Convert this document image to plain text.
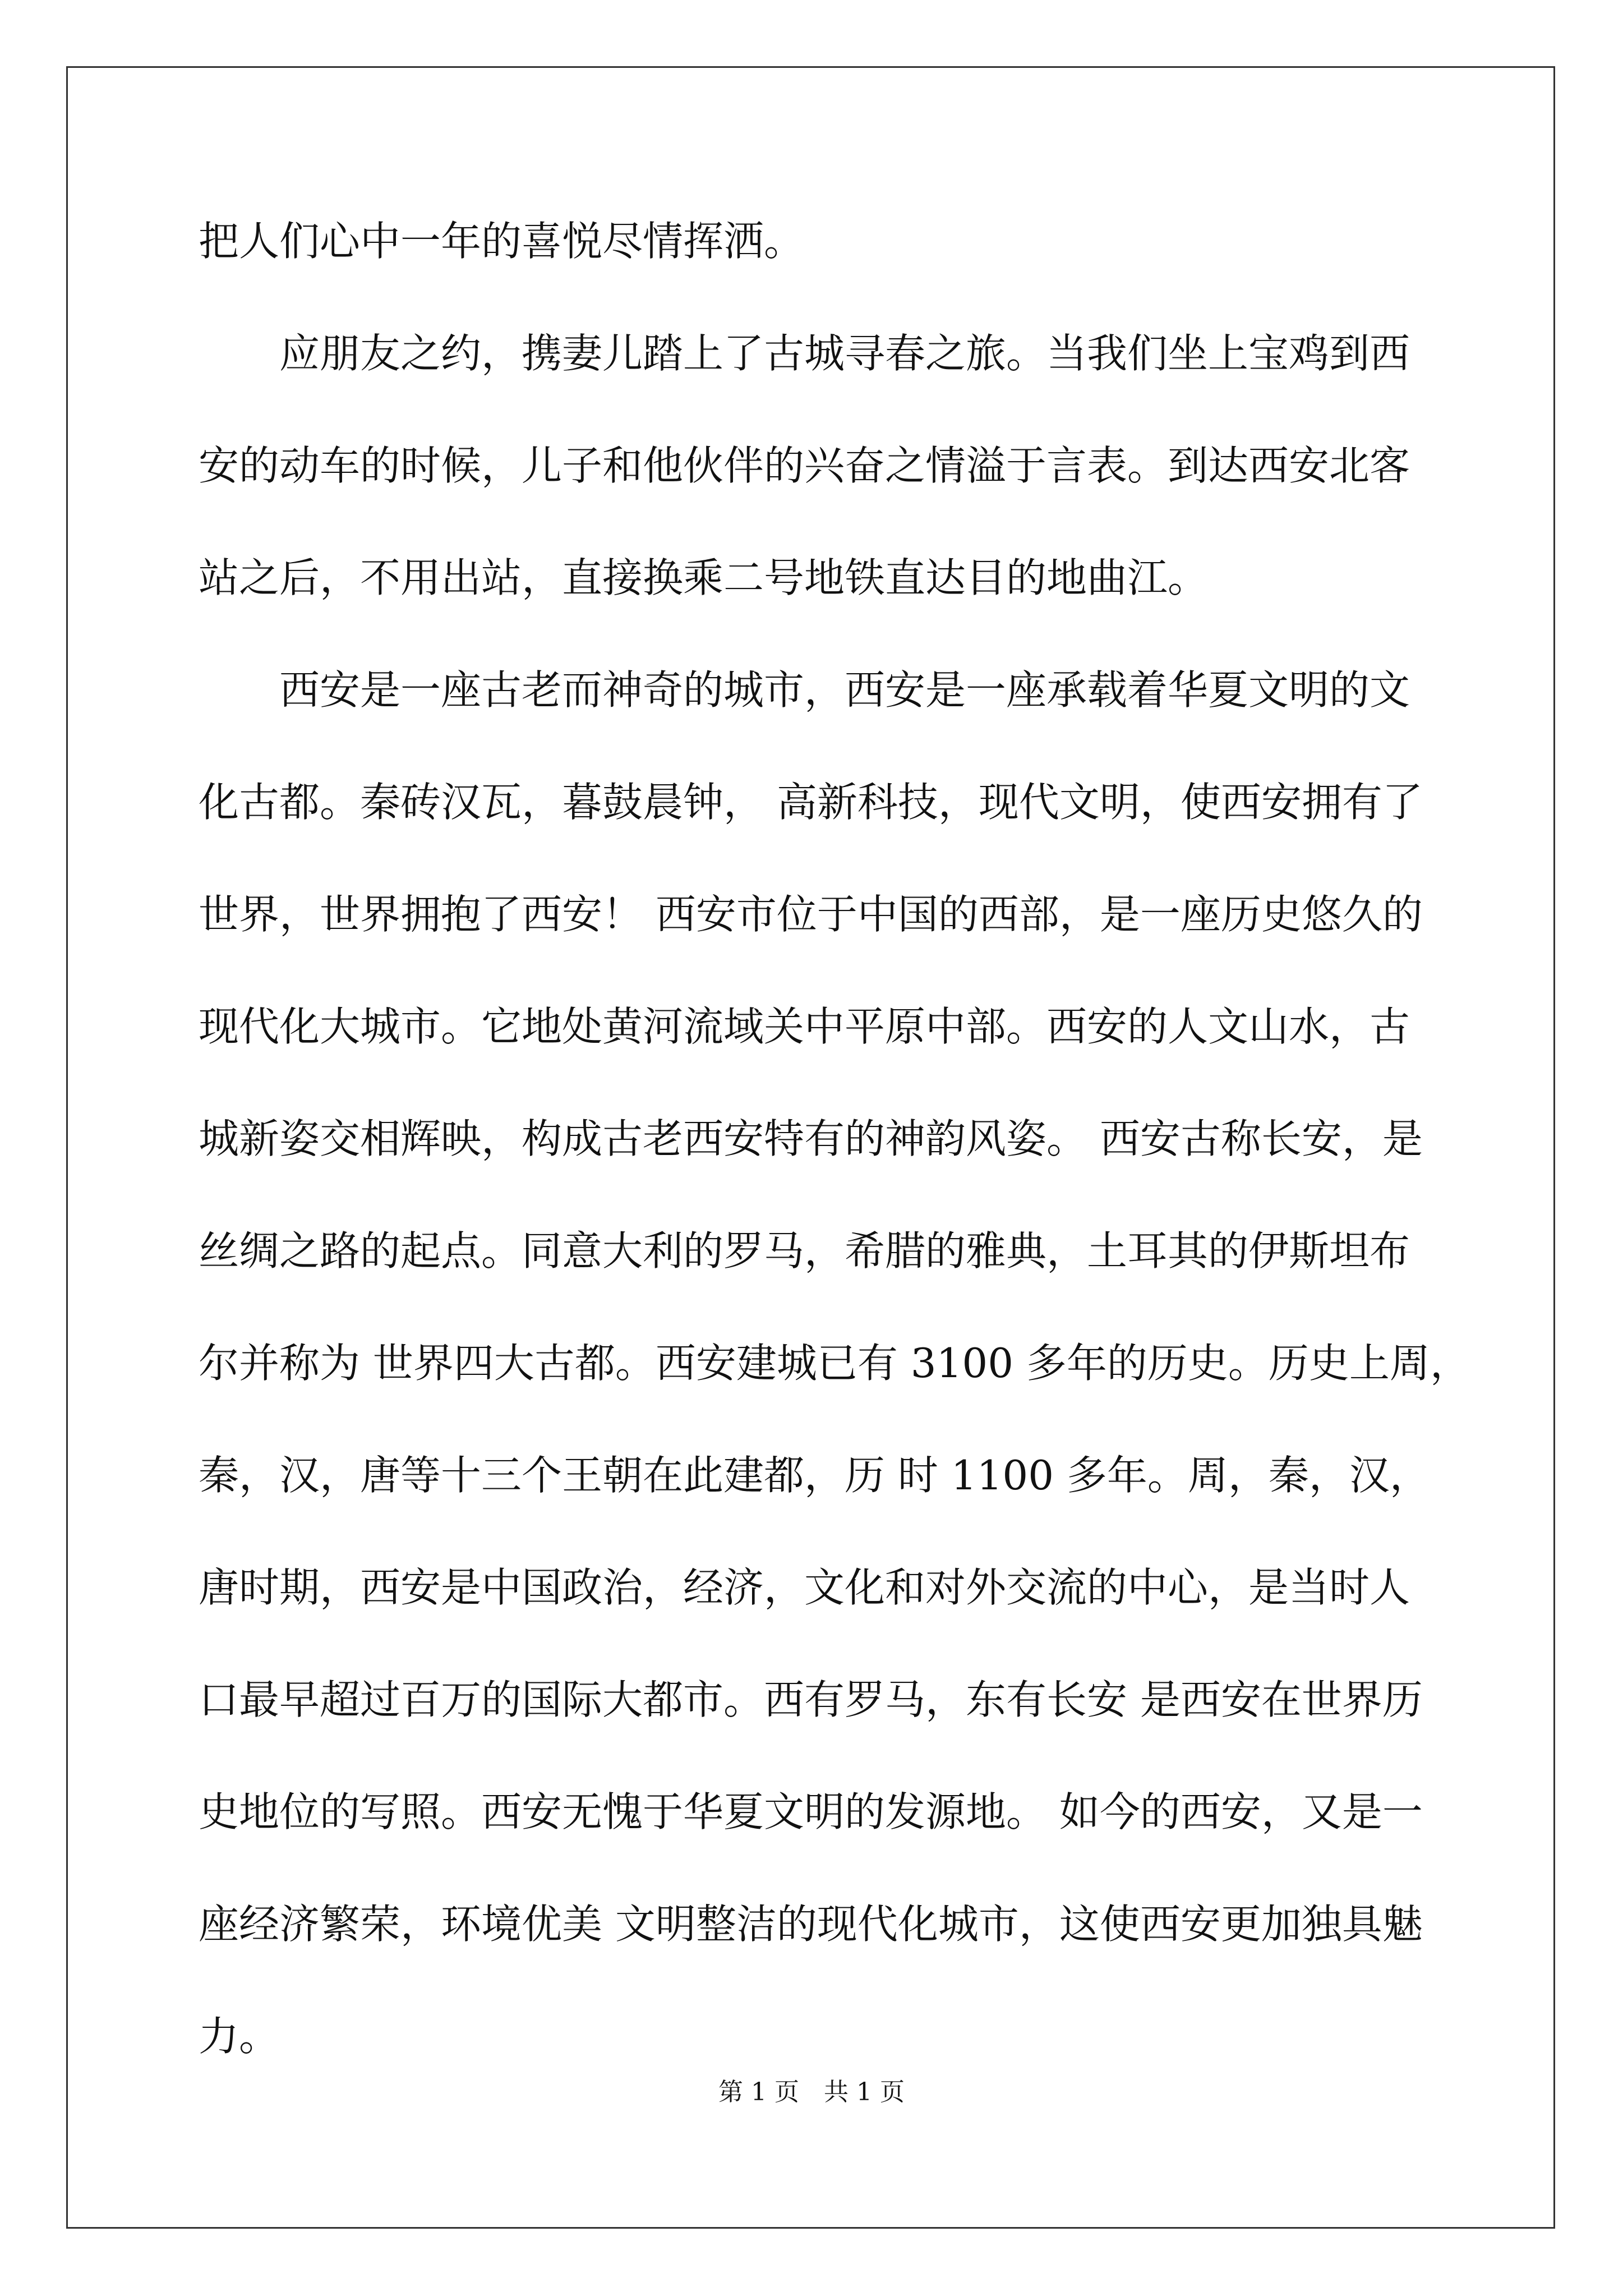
把人们心中一年的喜悦尽情挥洒。
　　应朋友之约，携妻儿踏上了古城寻春之旅。当我们坐上宝鸡到西
安的动车的时候，儿子和他伙伴的兴奋之情溢于言表。到达西安北客
站之后，不用出站，直接换乘二号地铁直达目的地曲江。
　　西安是一座古老而神奇的城市，西安是一座承载着华夏文明的文
化古都。秦砖汉瓦，暮鼓晨钟， 高新科技，现代文明，使西安拥有了
世界，世界拥抱了西安！ 西安市位于中国的西部，是一座历史悠久的
现代化大城市。它地处黄河流域关中平原中部。西安的人文山水，古
城新姿交相辉映，构成古老西安特有的神韵风姿。 西安古称长安，是
丝绸之路的起点。同意大利的罗马，希腊的雅典，土耳其的伊斯坦布
尔并称为 世界四大古都。西安建城已有 3100 多年的历史。历史上周，
秦，汉，唐等十三个王朝在此建都，历 时 1100 多年。周，秦，汉，
唐时期，西安是中国政治，经济，文化和对外交流的中心，是当时人
口最早超过百万的国际大都市。西有罗马，东有长安 是西安在世界历
史地位的写照。西安无愧于华夏文明的发源地。 如今的西安，又是一
座经济繁荣，环境优美 文明整洁的现代化城市，这使西安更加独具魅
力。
第 1 页　共 1 页
